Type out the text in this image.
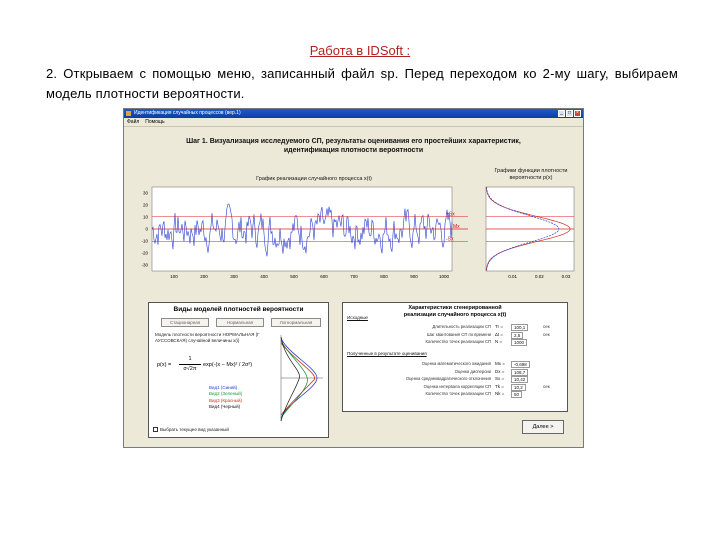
Работа в IDSoft :
2. Открываем с помощью меню, записанный файл sp. Перед переходом ко 2-му шагу, выбираем модель плотности вероятности.
Идентификация случайных процессов (вер.1)	_	□	×
Файл Помощь
Шаг 1. Визуализация исследуемого СП, результаты оценивания его простейших характеристик,
идентификация плотности вероятности
График реализации случайного процесса x(t)
30
20
10
0
-10
-20
-30
100	200	300	400	500	600	700	800	900	1000
+Sx
Mx
-Sx
Графики функции плотности
вероятности p(x)
0.01	0.02	0.03
Виды моделей плотностей вероятности
Стационарная	Нормальная	Логнормальная
Модель плотности вероятности НОРМАЛЬНАЯ (Г
АУССОВСКАЯ) случайной величины x(i)
p(x) =
1
σ√2π
exp(-(x − Mx)² / 2σ²)
Вид1 (Синий)
Вид2 (Зеленый)
Вид3 (Красный)
Вид4 (Черный)
Выбрать текущее вид указанный
Характеристики сгенерированной
реализации случайного процесса x(t)
Исходные
Длительность реализации СП Tr =	100,1	сек
Шаг квантования СП по времени ∆t =	2,5	сек
Количество точек реализации СП N =	1000
Полученные в результате оценивания
Оценка математического ожидания Mx =	-0,698
Оценка дисперсии Dx =	108,7
Оценка среднеквадратического отклонения Sx =	10,42
Оценка интервала корреляции СП Tk =	10,2	сек
Количество точек реализации СП Nk =	50
Далее >
